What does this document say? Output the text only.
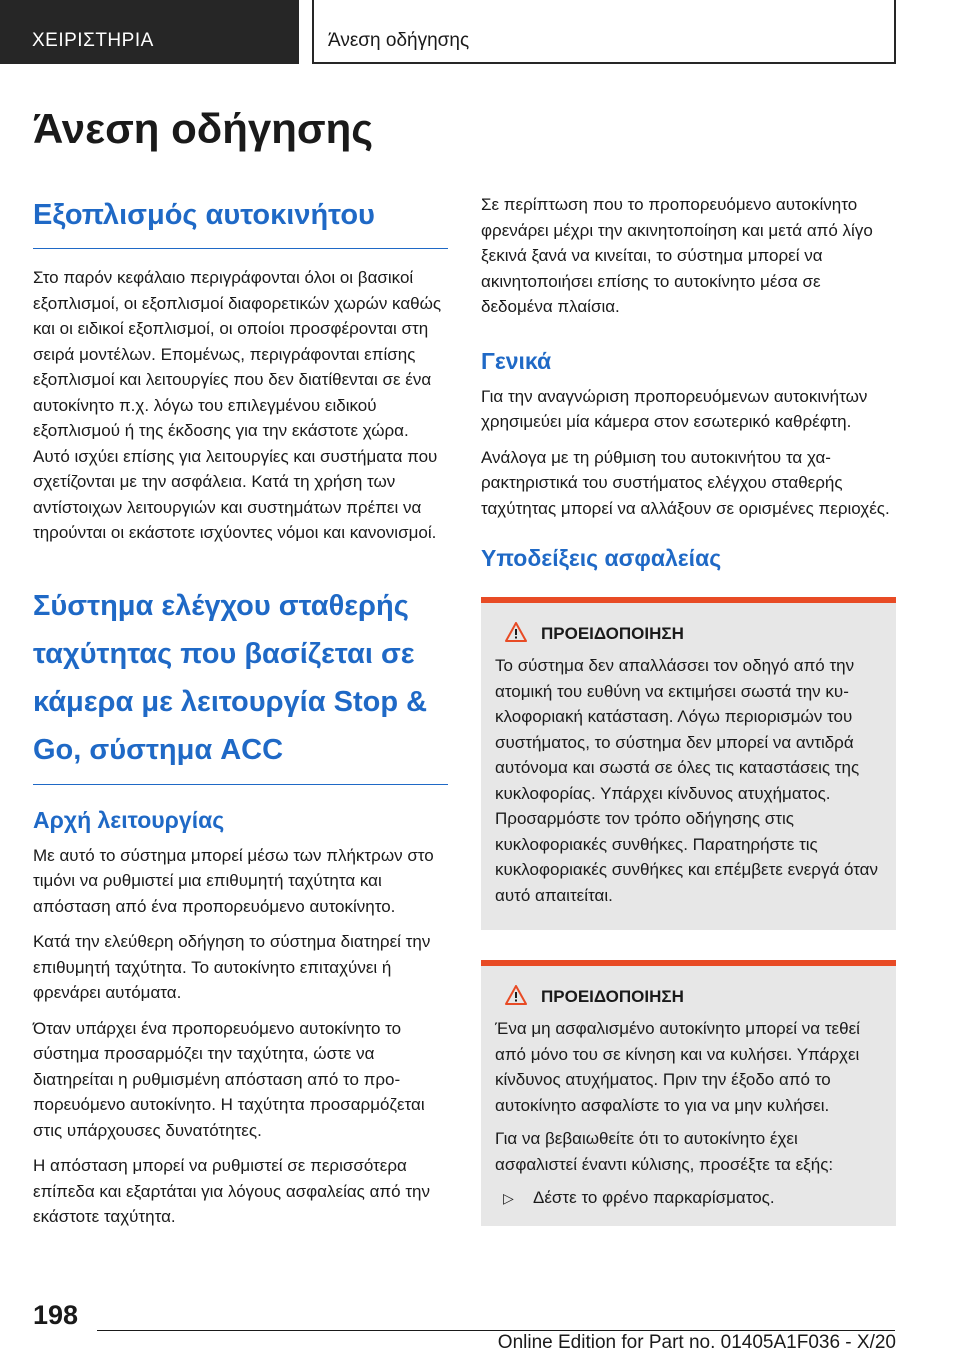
ΧΕΙΡΙΣΤΗΡΙΑ	Άνεση οδήγησης
Άνεση οδήγησης
Εξοπλισμός αυτοκινήτου

Στο παρόν κεφάλαιο περιγράφονται όλοι οι βασικοί εξοπλισμοί, οι εξοπλισμοί διαφορετικών χωρών καθώς και οι ειδικοί εξοπλισμοί, οι οποίοι προσφέρονται στη σειρά μοντέλων. Επομένως, περιγράφονται επίσης εξοπλισμοί και λειτουργίες που δεν διατίθενται σε ένα αυτοκίνητο π.χ. λόγω του επιλεγμένου ειδικού εξοπλισμού ή της έκδοσης για την εκάστοτε χώρα. Αυτό ισχύει επίσης για λειτουργίες και συστήματα που σχετίζονται με την ασφάλεια. Κατά τη χρήση των αντίστοιχων λειτουργιών και συστημάτων πρέπει να τηρούνται οι εκάστοτε ισχύοντες νόμοι και κανονισμοί.

Σύστημα ελέγχου σταθερής ταχύτητας που βασίζεται σε κάμερα με λειτουργία Stop & Go, σύστημα ACC
Αρχή λειτουργίας

Με αυτό το σύστημα μπορεί μέσω των πλήκτρων στο τιμόνι να ρυθμιστεί μια επιθυμητή ταχύτητα και απόσταση από ένα προπορευόμενο αυτοκίνητο.

Κατά την ελεύθερη οδήγηση το σύστημα διατηρεί την επιθυμητή ταχύτητα. Το αυτοκίνητο επιταχύνει ή φρενάρει αυτόματα.

Όταν υπάρχει ένα προπορευόμενο αυτοκίνητο το σύστημα προσαρμόζει την ταχύτητα, ώστε να διατηρείται η ρυθμισμένη απόσταση από το προπορευόμενο αυτοκίνητο. Η ταχύτητα προσαρμόζεται στις υπάρχουσες δυνατότητες.

Η απόσταση μπορεί να ρυθμιστεί σε περισσότερα επίπεδα και εξαρτάται για λόγους ασφαλείας από την εκάστοτε ταχύτητα.

Σε περίπτωση που το προπορευόμενο αυτοκίνητο φρενάρει μέχρι την ακινητοποίηση και μετά από λίγο ξεκινά ξανά να κινείται, το σύστημα μπορεί να ακινητοποιήσει επίσης το αυτοκίνητο μέσα σε δεδομένα πλαίσια.

Γενικά

Για την αναγνώριση προπορευόμενων αυτοκινήτων χρησιμεύει μία κάμερα στον εσωτερικό καθρέφτη.

Ανάλογα με τη ρύθμιση του αυτοκινήτου τα χαρακτηριστικά του συστήματος ελέγχου σταθερής ταχύτητας μπορεί να αλλάξουν σε ορισμένες περιοχές.

Υποδείξεις ασφαλείας
ΠΡΟΕΙΔΟΠΟΙΗΣΗ

Το σύστημα δεν απαλλάσσει τον οδηγό από την ατομική του ευθύνη να εκτιμήσει σωστά την κυκλοφοριακή κατάσταση. Λόγω περιορισμών του συστήματος, το σύστημα δεν μπορεί να αντιδρά αυτόνομα και σωστά σε όλες τις καταστάσεις της κυκλοφορίας. Υπάρχει κίνδυνος ατυχήματος. Προσαρμόστε τον τρόπο οδήγησης στις κυκλοφοριακές συνθήκες. Παρατηρήστε τις κυκλοφοριακές συνθήκες και επέμβετε ενεργά όταν αυτό απαιτείται.

ΠΡΟΕΙΔΟΠΟΙΗΣΗ

Ένα μη ασφαλισμένο αυτοκίνητο μπορεί να τεθεί από μόνο του σε κίνηση και να κυλήσει. Υπάρχει κίνδυνος ατυχήματος. Πριν την έξοδο από το αυτοκίνητο ασφαλίστε το για να μην κυλήσει.

Για να βεβαιωθείτε ότι το αυτοκίνητο έχει ασφαλιστεί έναντι κύλισης, προσέξτε τα εξής:

▷ Δέστε το φρένο παρκαρίσματος.
198
Online Edition for Part no. 01405A1F036 - X/20
